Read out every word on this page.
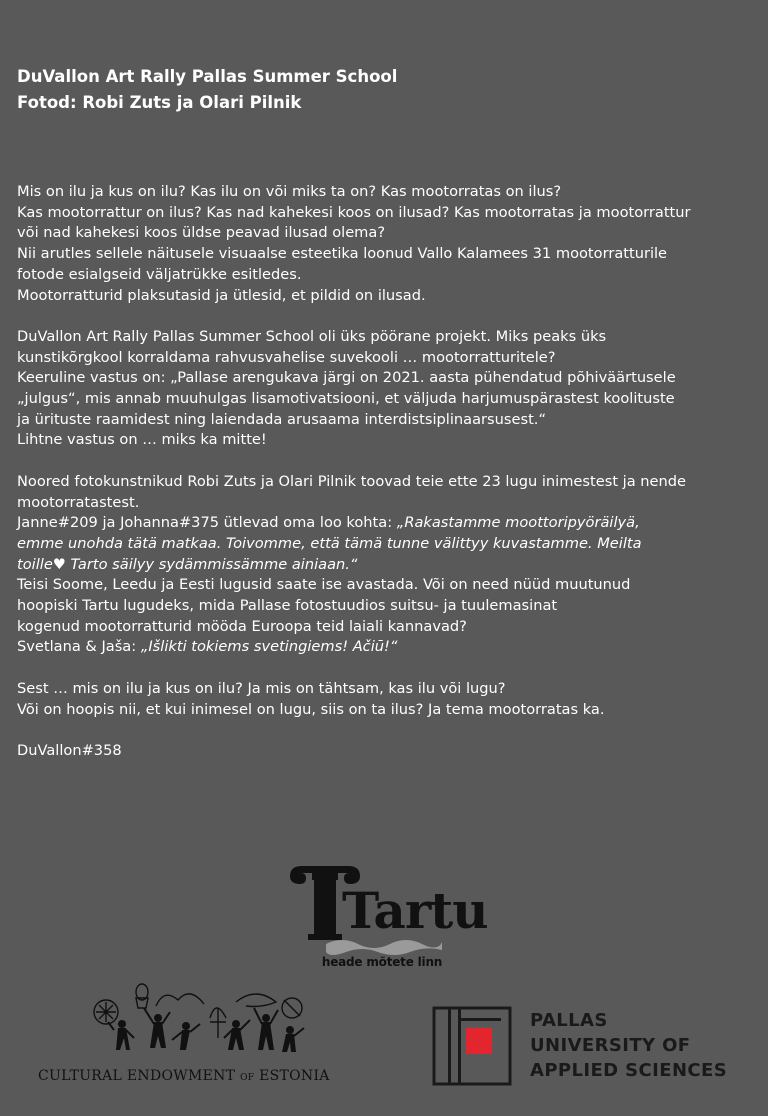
DuVallon Art Rally Pallas Summer School
Fotod: Robi Zuts ja Olari Pilnik

Mis on ilu ja kus on ilu? Kas ilu on või miks ta on? Kas mootorratas on ilus?
Kas mootorrattur on ilus? Kas nad kahekesi koos on ilusad? Kas mootorratas ja mootorrattur
või nad kahekesi koos üldse peavad ilusad olema?
Nii arutles sellele näitusele visuaalse esteetika loonud Vallo Kalamees 31 mootorratturile
fotode esialgseid väljatrükke esitledes.
Mootorratturid plaksutasid ja ütlesid, et pildid on ilusad.

DuVallon Art Rally Pallas Summer School oli üks pöörane projekt. Miks peaks üks
kunstikõrgkool korraldama rahvusvahelise suvekooli … mootorratturitele?
Keeruline vastus on: „Pallase arengukava järgi on 2021. aasta pühendatud põhiväärtusele
„julgus“, mis annab muuhulgas lisamotivatsiooni, et väljuda harjumuspärastest koolituste
ja ürituste raamidest ning laiendada arusaama interdistsiplinaarsusest.“
Lihtne vastus on … miks ka mitte!

Noored fotokunstnikud Robi Zuts ja Olari Pilnik toovad teie ette 23 lugu inimestest ja nende
mootorratastest.
Janne#209 ja Johanna#375 ütlevad oma loo kohta: „Rakastamme moottoripyöräilyä,
emme unohda tätä matkaa. Toivomme, että tämä tunne välittyy kuvastamme. Meilta
toille♥ Tarto säilyy sydämmissämme ainiaan.“
Teisi Soome, Leedu ja Eesti lugusid saate ise avastada. Või on need nüüd muutunud
hoopiski Tartu lugudeks, mida Pallase fotostuudios suitsu- ja tuulemasinat
kogenud mootorratturid mööda Euroopa teid laiali kannavad?
Svetlana & Jaša: „Išlikti tokiems svetingiems! Ačiū!“

Sest … mis on ilu ja kus on ilu? Ja mis on tähtsam, kas ilu või lugu?
Või on hoopis nii, et kui inimesel on lugu, siis on ta ilus? Ja tema mootorratas ka.

DuVallon#358

Tartu
heade mõtete linn
CULTURAL ENDOWMENT OF ESTONIA
PALLAS
UNIVERSITY OF
APPLIED SCIENCES
